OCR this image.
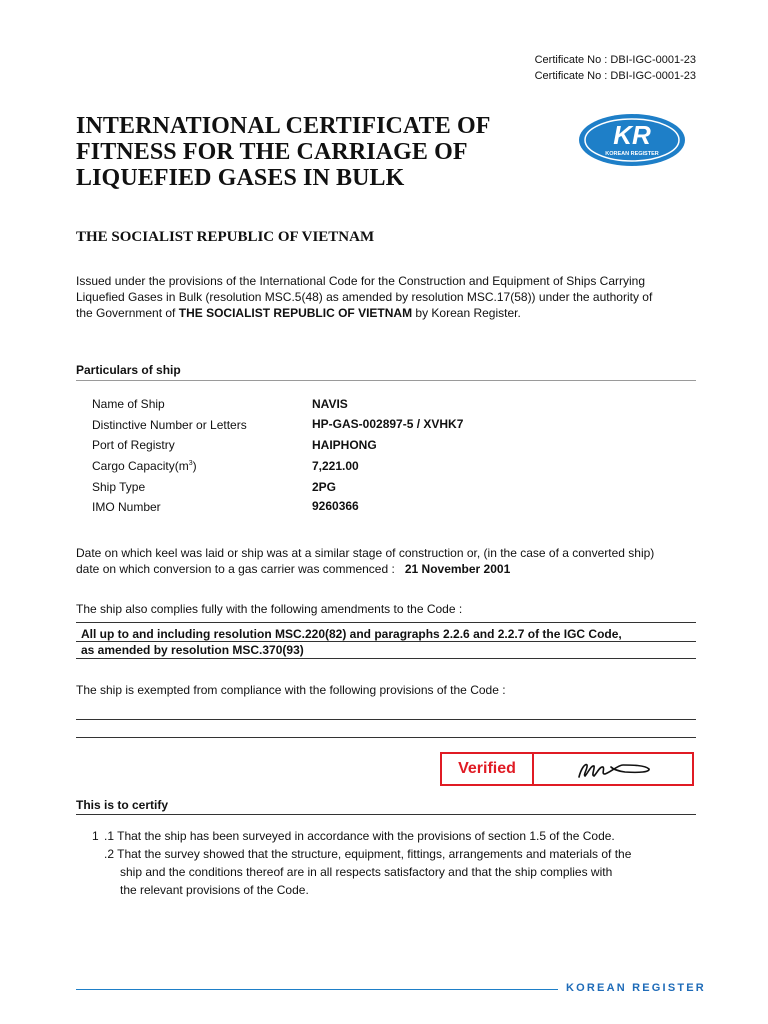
Certificate No : DBI-IGC-0001-23
Certificate No : DBI-IGC-0001-23
INTERNATIONAL CERTIFICATE OF
FITNESS FOR THE CARRIAGE OF
LIQUEFIED GASES IN BULK
KR
KOREAN REGISTER
THE SOCIALIST REPUBLIC OF VIETNAM
Issued under the provisions of the International Code for the Construction and Equipment of Ships Carrying
Liquefied Gases in Bulk (resolution MSC.5(48) as amended by resolution MSC.17(58)) under the authority of
the Government of THE SOCIALIST REPUBLIC OF VIETNAM by Korean Register.
Particulars of ship
Name of Ship	NAVIS
Distinctive Number or Letters	HP-GAS-002897-5 / XVHK7
Port of Registry	HAIPHONG
Cargo $Capacity(m^3)$	7,221.00
Ship Type	2PG
IMO Number	9260366
Date on which keel was laid or ship was at a similar stage of construction or, (in the case of a converted ship)
date on which conversion to a gas carrier was commenced : 21 November 2001
The ship also complies fully with the following amendments to the Code :
All up to and including resolution MSC.220(82) and paragraphs 2.2.6 and 2.2.7 of the IGC Code,
as amended by resolution MSC.370(93)
The ship is exempted from compliance with the following provisions of the Code :
Verified
This is to certify
1 .1 That the ship has been surveyed in accordance with the provisions of section 1.5 of the Code.
.2 That the survey showed that the structure, equipment, fittings, arrangements and materials of the
ship and the conditions thereof are in all respects satisfactory and that the ship complies with
the relevant provisions of the Code.
KOREAN REGISTER
